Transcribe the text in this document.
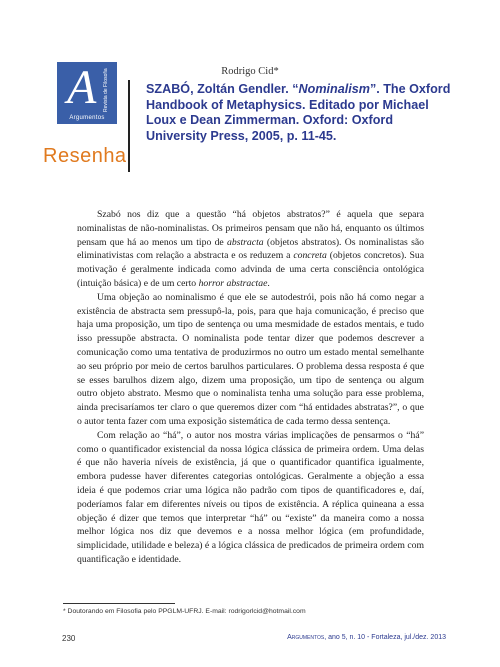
Rodrigo Cid*
A Revista de Filosofia
Argumentos
Resenha
SZABÓ, Zoltán Gendler. “Nominalism”. The Oxford Handbook of Metaphysics. Editado por Michael Loux e Dean Zimmerman. Oxford: Oxford University Press, 2005, p. 11-45.

Szabó nos diz que a questão “há objetos abstratos?” é aquela que separa nominalistas de não-nominalistas. Os primeiros pensam que não há, enquanto os últimos pensam que há ao menos um tipo de abstracta (objetos abstratos). Os nominalistas são eliminativistas com relação a abstracta e os reduzem a concreta (objetos concretos). Sua motivação é geralmente indicada como advinda de uma certa consciência ontológica (intuição básica) e de um certo horror abstractae.

Uma objeção ao nominalismo é que ele se autodestrói, pois não há como negar a existência de abstracta sem pressupô-la, pois, para que haja comunicação, é preciso que haja uma proposição, um tipo de sentença ou uma mesmidade de estados mentais, e tudo isso pressupõe abstracta. O nominalista pode tentar dizer que podemos descrever a comunicação como uma tentativa de produzirmos no outro um estado mental semelhante ao seu próprio por meio de certos barulhos particulares. O problema dessa resposta é que se esses barulhos dizem algo, dizem uma proposição, um tipo de sentença ou algum outro objeto abstrato. Mesmo que o nominalista tenha uma solução para esse problema, ainda precisaríamos ter claro o que queremos dizer com “há entidades abstratas?”, o que o autor tenta fazer com uma exposição sistemática de cada termo dessa sentença.

Com relação ao “há”, o autor nos mostra várias implicações de pensarmos o “há” como o quantificador existencial da nossa lógica clássica de primeira ordem. Uma delas é que não haveria níveis de existência, já que o quantificador quantifica igualmente, embora pudesse haver diferentes categorias ontológicas. Geralmente a objeção a essa ideia é que podemos criar uma lógica não padrão com tipos de quantificadores e, daí, poderíamos falar em diferentes níveis ou tipos de existência. A réplica quineana a essa objeção é dizer que temos que interpretar “há” ou “existe” da maneira como a nossa melhor lógica nos diz que devemos e a nossa melhor lógica (em profundidade, simplicidade, utilidade e beleza) é a lógica clássica de predicados de primeira ordem com quantificação e identidade.

* Doutorando em Filosofia pelo PPGLM-UFRJ. E-mail: rodrigorlcid@hotmail.com
230	Argumentos, ano 5, n. 10 - Fortaleza, jul./dez. 2013
